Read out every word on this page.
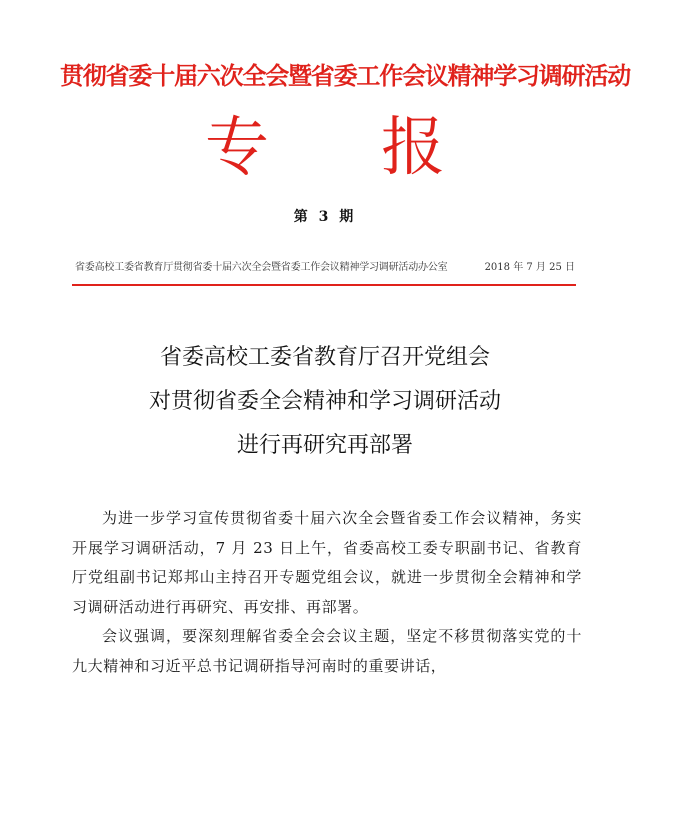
贯彻省委十届六次全会暨省委工作会议精神学习调研活动
专 报
第 3 期
省委高校工委省教育厅贯彻省委十届六次全会暨省委工作会议精神学习调研活动办公室	2018 年 7 月 25 日
省委高校工委省教育厅召开党组会
对贯彻省委全会精神和学习调研活动
进行再研究再部署

为进一步学习宣传贯彻省委十届六次全会暨省委工作会议精神，务实开展学习调研活动，7 月 23 日上午，省委高校工委专职副书记、省教育厅党组副书记郑邦山主持召开专题党组会议，就进一步贯彻全会精神和学习调研活动进行再研究、再安排、再部署。

会议强调，要深刻理解省委全会会议主题，坚定不移贯彻落实党的十九大精神和习近平总书记调研指导河南时的重要讲话，
